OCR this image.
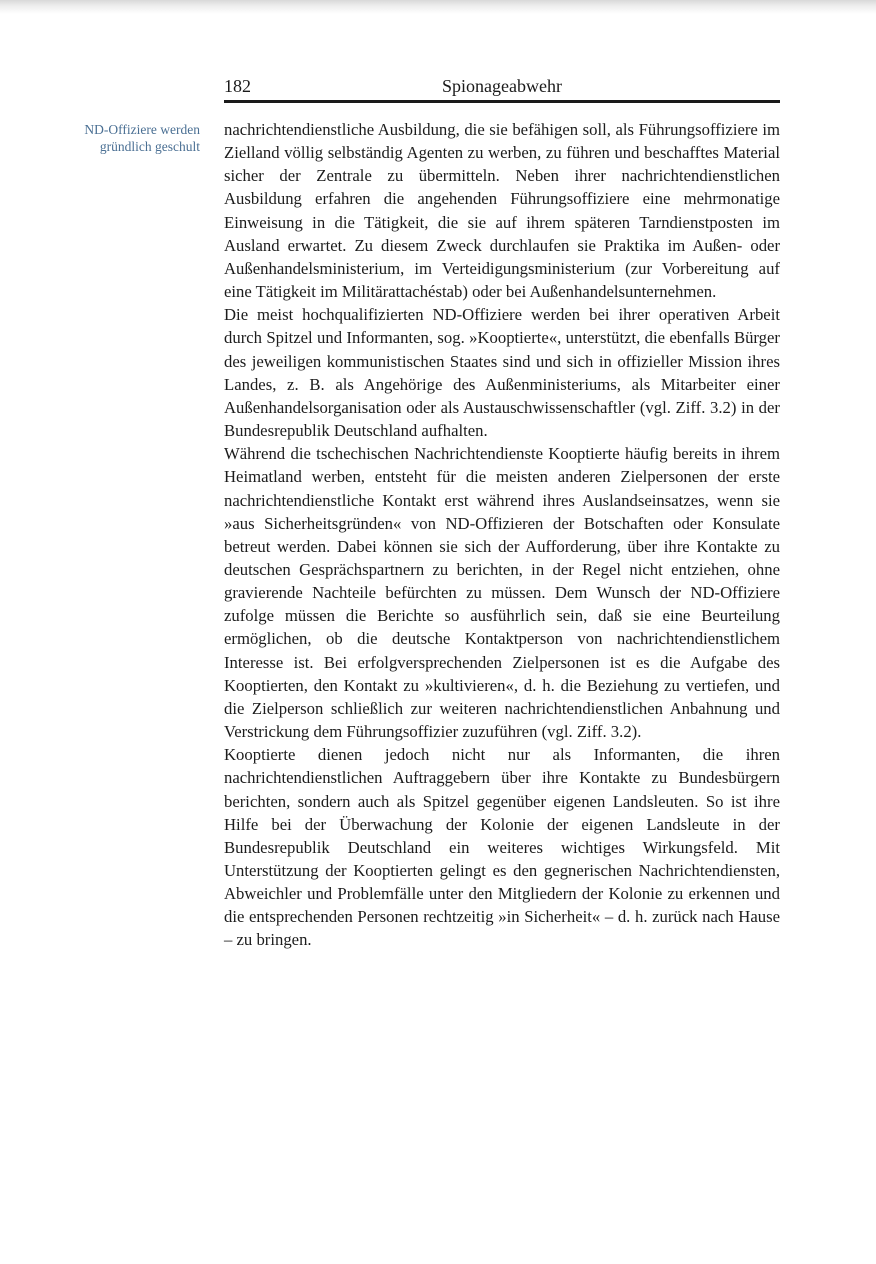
182	Spionageabwehr
ND-Offiziere werden
gründlich geschult

nachrichtendienstliche Ausbildung, die sie befähigen soll, als Führungsoffiziere im Zielland völlig selbständig Agenten zu werben, zu führen und beschafftes Material sicher der Zentrale zu übermitteln. Neben ihrer nachrichtendienstlichen Ausbildung erfahren die angehenden Führungsoffiziere eine mehrmonatige Einweisung in die Tätigkeit, die sie auf ihrem späteren Tarndienstposten im Ausland erwartet. Zu diesem Zweck durchlaufen sie Praktika im Außen- oder Außenhandelsministerium, im Verteidigungsministerium (zur Vorbereitung auf eine Tätigkeit im Militärattachéstab) oder bei Außenhandelsunternehmen.

Die meist hochqualifizierten ND-Offiziere werden bei ihrer operativen Arbeit durch Spitzel und Informanten, sog. »Kooptierte«, unterstützt, die ebenfalls Bürger des jeweiligen kommunistischen Staates sind und sich in offizieller Mission ihres Landes, z. B. als Angehörige des Außenministeriums, als Mitarbeiter einer Außenhandelsorganisation oder als Austauschwissenschaftler (vgl. Ziff. 3.2) in der Bundesrepublik Deutschland aufhalten.

Während die tschechischen Nachrichtendienste Kooptierte häufig bereits in ihrem Heimatland werben, entsteht für die meisten anderen Zielpersonen der erste nachrichtendienstliche Kontakt erst während ihres Auslandseinsatzes, wenn sie »aus Sicherheitsgründen« von ND-Offizieren der Botschaften oder Konsulate betreut werden. Dabei können sie sich der Aufforderung, über ihre Kontakte zu deutschen Gesprächspartnern zu berichten, in der Regel nicht entziehen, ohne gravierende Nachteile befürchten zu müssen. Dem Wunsch der ND-Offiziere zufolge müssen die Berichte so ausführlich sein, daß sie eine Beurteilung ermöglichen, ob die deutsche Kontaktperson von nachrichtendienstlichem Interesse ist. Bei erfolgversprechenden Zielpersonen ist es die Aufgabe des Kooptierten, den Kontakt zu »kultivieren«, d. h. die Beziehung zu vertiefen, und die Zielperson schließlich zur weiteren nachrichtendienstlichen Anbahnung und Verstrickung dem Führungsoffizier zuzuführen (vgl. Ziff. 3.2).

Kooptierte dienen jedoch nicht nur als Informanten, die ihren nachrichtendienstlichen Auftraggebern über ihre Kontakte zu Bundesbürgern berichten, sondern auch als Spitzel gegenüber eigenen Landsleuten. So ist ihre Hilfe bei der Überwachung der Kolonie der eigenen Landsleute in der Bundesrepublik Deutschland ein weiteres wichtiges Wirkungsfeld. Mit Unterstützung der Kooptierten gelingt es den gegnerischen Nachrichtendiensten, Abweichler und Problemfälle unter den Mitgliedern der Kolonie zu erkennen und die entsprechenden Personen rechtzeitig »in Sicherheit« – d. h. zurück nach Hause – zu bringen.
